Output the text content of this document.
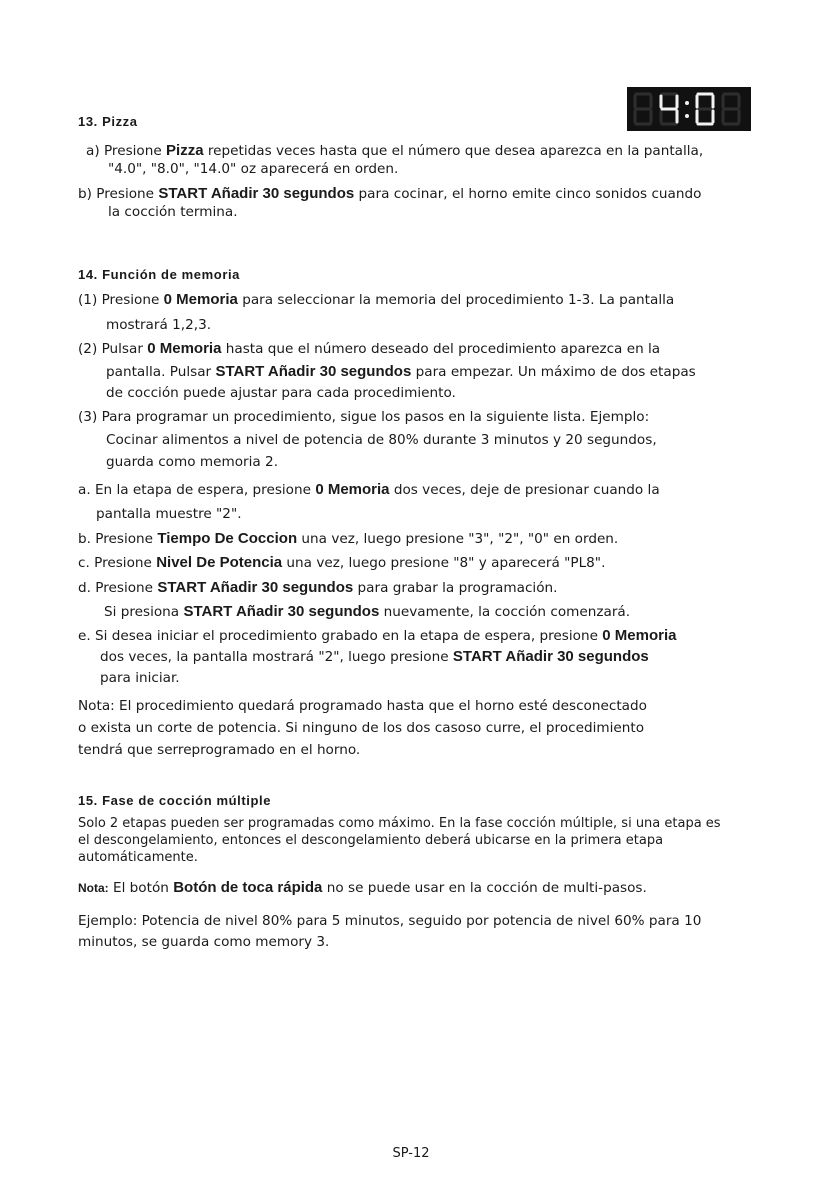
13. Pizza
84:06
a) Presione Pizza repetidas veces hasta que el número que desea aparezca en la pantalla,
"4.0", "8.0", "14.0" oz aparecerá en orden.
b) Presione START Añadir 30 segundos para cocinar, el horno emite cinco sonidos cuando
la cocción termina.
14. Función de memoria
(1) Presione 0 Memoria para seleccionar la memoria del procedimiento 1-3. La pantalla
mostrará 1,2,3.
(2) Pulsar 0 Memoria hasta que el número deseado del procedimiento aparezca en la
pantalla. Pulsar START Añadir 30 segundos para empezar. Un máximo de dos etapas
de cocción puede ajustar para cada procedimiento.
(3) Para programar un procedimiento, sigue los pasos en la siguiente lista. Ejemplo:
Cocinar alimentos a nivel de potencia de 80% durante 3 minutos y 20 segundos,
guarda como memoria 2.
a. En la etapa de espera, presione 0 Memoria dos veces, deje de presionar cuando la
pantalla muestre "2".
b. Presione Tiempo De Coccion una vez, luego presione "3", "2", "0" en orden.
c. Presione Nivel De Potencia una vez, luego presione "8" y aparecerá "PL8".
d. Presione START Añadir 30 segundos para grabar la programación.
Si presiona START Añadir 30 segundos nuevamente, la cocción comenzará.
e. Si desea iniciar el procedimiento grabado en la etapa de espera, presione 0 Memoria
dos veces, la pantalla mostrará "2", luego presione START Añadir 30 segundos
para iniciar.
Nota: El procedimiento quedará programado hasta que el horno esté desconectado
o exista un corte de potencia. Si ninguno de los dos casoso curre, el procedimiento
tendrá que serreprogramado en el horno.
15. Fase de cocción múltiple
Solo 2 etapas pueden ser programadas como máximo. En la fase cocción múltiple, si una etapa es
el descongelamiento, entonces el descongelamiento deberá ubicarse en la primera etapa
automáticamente.
Nota: El botón Botón de toca rápida no se puede usar en la cocción de multi-pasos.
Ejemplo: Potencia de nivel 80% para 5 minutos, seguido por potencia de nivel 60% para 10
minutos, se guarda como memory 3.
SP-12
